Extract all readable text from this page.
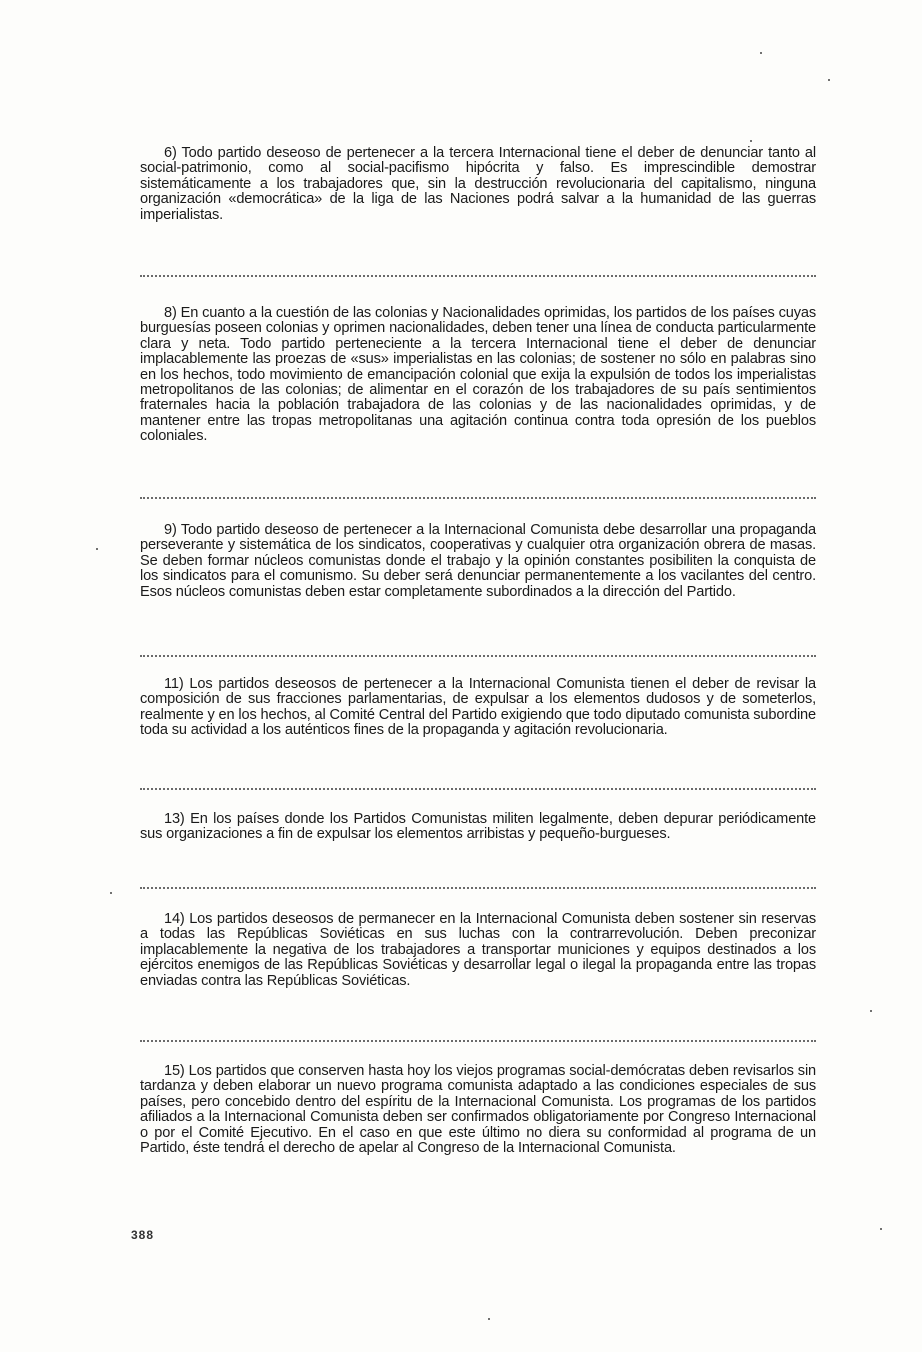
6) Todo partido deseoso de pertenecer a la tercera Internacional tiene el deber de denunciar tanto al social-patrimonio, como al social-pacifismo hipócrita y falso. Es imprescindible demostrar sistemáticamente a los trabajadores que, sin la destrucción revolucionaria del capitalismo, ninguna organización «democrática» de la liga de las Naciones podrá salvar a la humanidad de las guerras imperialistas.

8) En cuanto a la cuestión de las colonias y Nacionalidades oprimidas, los partidos de los países cuyas burguesías poseen colonias y oprimen nacionalidades, deben tener una línea de conducta particularmente clara y neta. Todo partido perteneciente a la tercera Internacional tiene el deber de denunciar implacablemente las proezas de «sus» imperialistas en las colonias; de sostener no sólo en palabras sino en los hechos, todo movimiento de emancipación colonial que exija la expulsión de todos los imperialistas metropolitanos de las colonias; de alimentar en el corazón de los trabajadores de su país sentimientos fraternales hacia la población trabajadora de las colonias y de las nacionalidades oprimidas, y de mantener entre las tropas metropolitanas una agitación continua contra toda opresión de los pueblos coloniales.

9) Todo partido deseoso de pertenecer a la Internacional Comunista debe desarrollar una propaganda perseverante y sistemática de los sindicatos, cooperativas y cualquier otra organización obrera de masas. Se deben formar núcleos comunistas donde el trabajo y la opinión constantes posibiliten la conquista de los sindicatos para el comunismo. Su deber será denunciar permanentemente a los vacilantes del centro. Esos núcleos comunistas deben estar completamente subordinados a la dirección del Partido.

11) Los partidos deseosos de pertenecer a la Internacional Comunista tienen el deber de revisar la composición de sus fracciones parlamentarias, de expulsar a los elementos dudosos y de someterlos, realmente y en los hechos, al Comité Central del Partido exigiendo que todo diputado comunista subordine toda su actividad a los auténticos fines de la propaganda y agitación revolucionaria.

13) En los países donde los Partidos Comunistas militen legalmente, deben depurar periódicamente sus organizaciones a fin de expulsar los elementos arribistas y pequeño-burgueses.

14) Los partidos deseosos de permanecer en la Internacional Comunista deben sostener sin reservas a todas las Repúblicas Soviéticas en sus luchas con la contrarrevolución. Deben preconizar implacablemente la negativa de los trabajadores a transportar municiones y equipos destinados a los ejércitos enemigos de las Repúblicas Soviéticas y desarrollar legal o ilegal la propaganda entre las tropas enviadas contra las Repúblicas Soviéticas.

15) Los partidos que conserven hasta hoy los viejos programas social-demócratas deben revisarlos sin tardanza y deben elaborar un nuevo programa comunista adaptado a las condiciones especiales de sus países, pero concebido dentro del espíritu de la Internacional Comunista. Los programas de los partidos afiliados a la Internacional Comunista deben ser confirmados obligatoriamente por Congreso Internacional o por el Comité Ejecutivo. En el caso en que este último no diera su conformidad al programa de un Partido, éste tendrá el derecho de apelar al Congreso de la Internacional Comunista.

388
